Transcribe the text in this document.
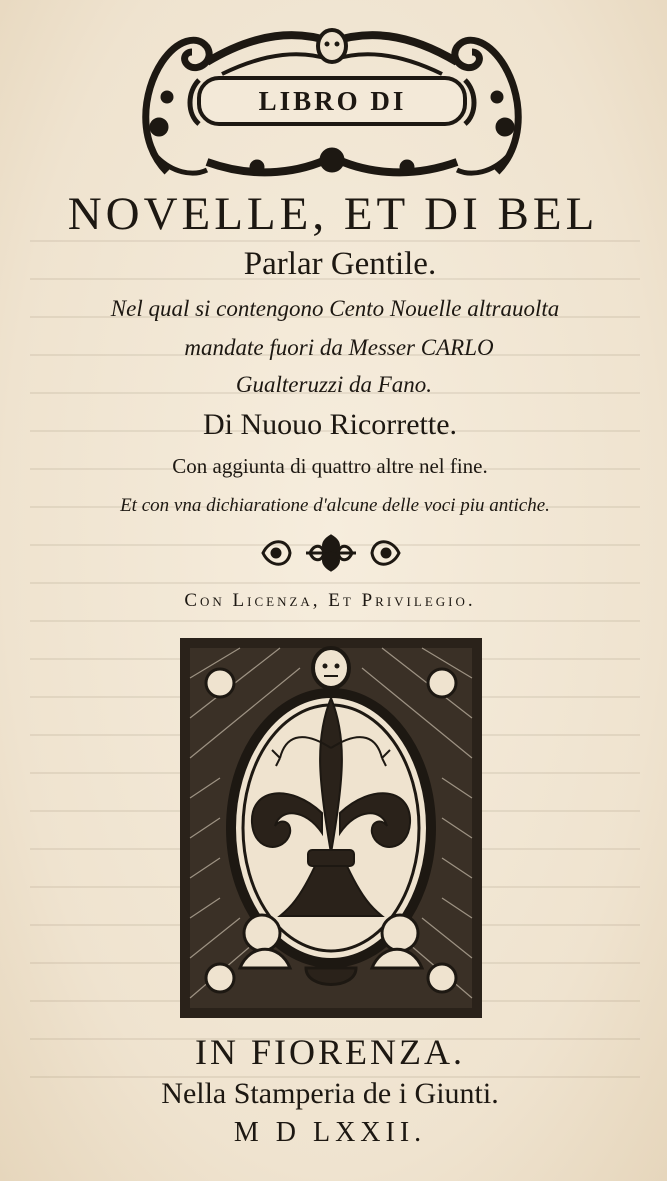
LIBRO DI
NOVELLE, ET DI BEL
Parlar Gentile.
Nel qual si contengono Cento Nouelle altrauolta
mandate fuori da Messer CARLO
Gualteruzzi da Fano.
Di Nuouo Ricorrette.
Con aggiunta di quattro altre nel fine.
Et con vna dichiaratione d'alcune delle voci piu antiche.
Con Licenza, Et Privilegio.
IN FIORENZA.
Nella Stamperia de i Giunti.
M D LXXII.
